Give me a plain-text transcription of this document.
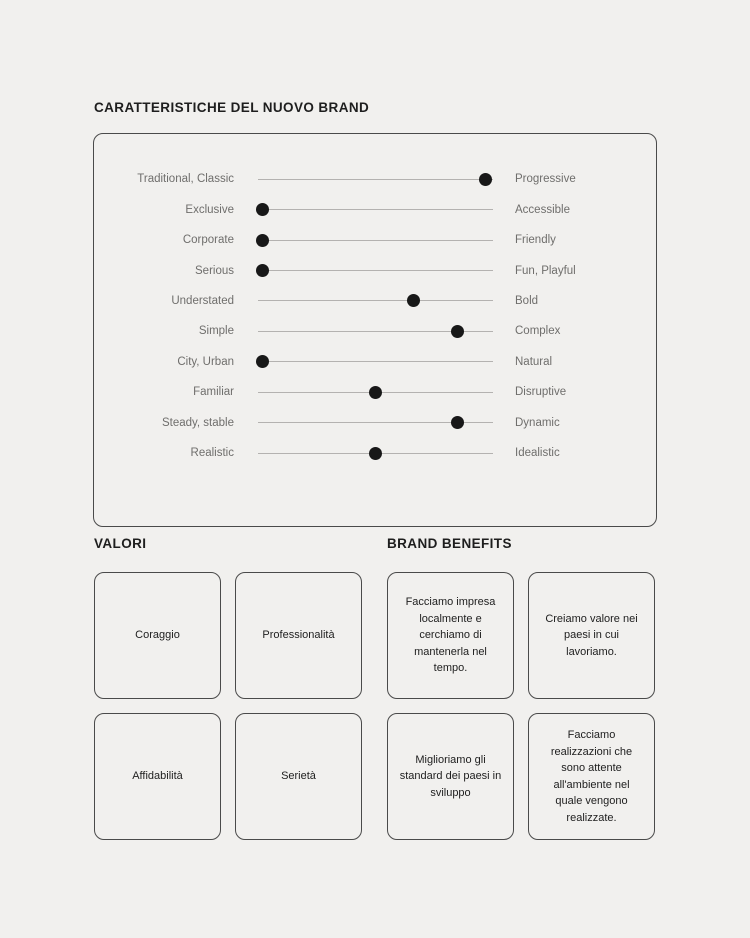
CARATTERISTICHE DEL NUOVO BRAND
Traditional, Classic	Progressive
Exclusive	Accessible
Corporate	Friendly
Serious	Fun, Playful
Understated	Bold
Simple	Complex
City, Urban	Natural
Familiar	Disruptive
Steady, stable	Dynamic
Realistic	Idealistic
VALORI	BRAND BENEFITS
Coraggio	Professionalità
Affidabilità	Serietà
Facciamo impresa localmente e cerchiamo di mantenerla nel tempo.
Creiamo valore nei paesi in cui lavoriamo.
Miglioriamo gli standard dei paesi in sviluppo
Facciamo realizzazioni che sono attente all'ambiente nel quale vengono realizzate.
